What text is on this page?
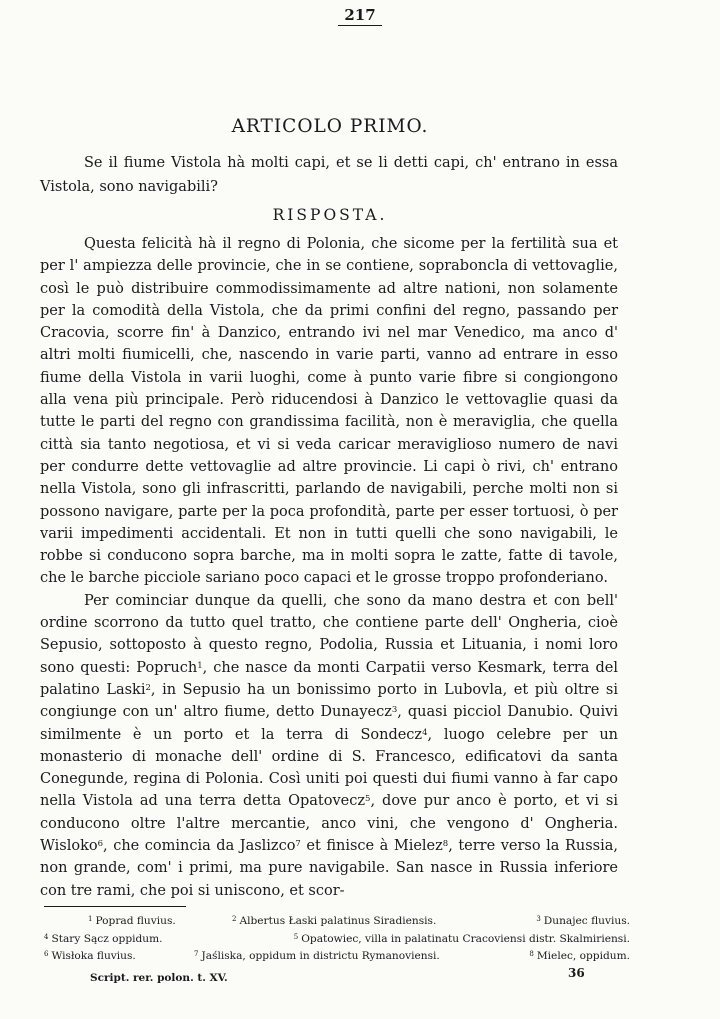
217
ARTICOLO PRIMO.

Se il fiume Vistola hà molti capi, et se li detti capi, ch' entrano in essa Vistola, sono navigabili?

RISPOSTA.

Questa felicità hà il regno di Polonia, che sicome per la fertilità sua et per l' ampiezza delle provincie, che in se contiene, sopraboncla di vettovaglie, così le può distribuire commodissimamente ad altre nationi, non solamente per la comodità della Vistola, che da primi confini del regno, passando per Cracovia, scorre fin' à Danzico, entrando ivi nel mar Venedico, ma anco d' altri molti fiumicelli, che, nascendo in varie parti, vanno ad entrare in esso fiume della Vistola in varii luoghi, come à punto varie fibre si congiongono alla vena più principale. Però riducendosi à Danzico le vettovaglie quasi da tutte le parti del regno con grandissima facilità, non è meraviglia, che quella città sia tanto negotiosa, et vi si veda caricar meraviglioso numero de navi per condurre dette vettovaglie ad altre provincie. Li capi ò rivi, ch' entrano nella Vistola, sono gli infrascritti, parlando de navigabili, perche molti non si possono navigare, parte per la poca profondità, parte per esser tortuosi, ò per varii impedimenti accidentali. Et non in tutti quelli che sono navigabili, le robbe si conducono sopra barche, ma in molti sopra le zatte, fatte di tavole, che le barche picciole sariano poco capaci et le grosse troppo profonderiano.

Per cominciar dunque da quelli, che sono da mano destra et con bell' ordine scorrono da tutto quel tratto, che contiene parte dell' Ongheria, cioè Sepusio, sottoposto à questo regno, Podolia, Russia et Lituania, i nomi loro sono questi: Popruch$^1$, che nasce da monti Carpatii verso Kesmark, terra del palatino Laski$^2$, in Sepusio ha un bonissimo porto in Lubovla, et più oltre si congiunge con un' altro fiume, detto Dunayecz$^3$, quasi picciol Danubio. Quivi similmente è un porto et la terra di Sondecz$^4$, luogo celebre per un monasterio di monache dell' ordine di S. Francesco, edificatovi da santa Conegunde, regina di Polonia. Così uniti poi questi dui fiumi vanno à far capo nella Vistola ad una terra detta Opatovecz$^5$, dove pur anco è porto, et vi si conducono oltre l'altre mercantie, anco vini, che vengono d' Ongheria. Wisloko$^6$, che comincia da Jaslizco$^7$ et finisce à Mielez$^8$, terre verso la Russia, non grande, com' i primi, ma pure navigabile. San nasce in Russia inferiore con tre rami, che poi si uniscono, et scor-

$^1$ Poprad fluvius.	$^2$ Albertus Łaski palatinus Siradiensis.	$^3$ Dunajec fluvius.
$^4$ Stary Sącz oppidum.	$^5$ Opatowiec, villa in palatinatu Cracoviensi distr. Skalmiriensi.
$^6$ Wisłoka fluvius.	$^7$ Jaśliska, oppidum in districtu Rymanoviensi.	$^8$ Mielec, oppidum.
Script. rer. polon. t. XV.	36
